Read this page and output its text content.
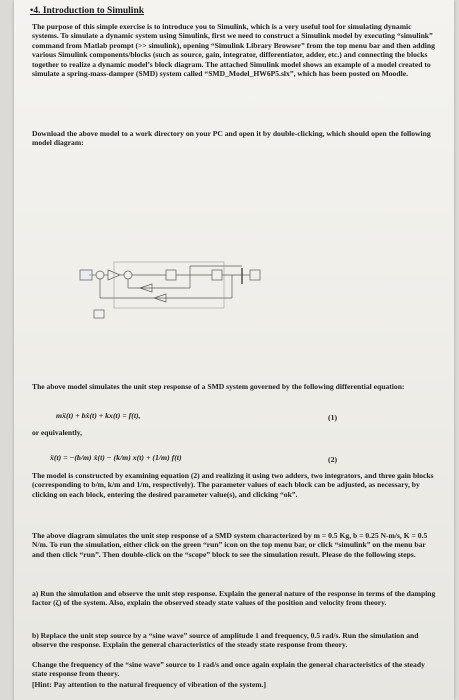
•4. Introduction to Simulink
The purpose of this simple exercise is to introduce you to Simulink, which is a very useful tool for simulating dynamic systems. To simulate a dynamic system using Simulink, first we need to construct a Simulink model by executing “simulink” command from Matlab prompt (>> simulink), opening “Simulink Library Browser” from the top menu bar and then adding various Simulink components/blocks (such as source, gain, integrator, differentiator, adder, etc.) and connecting the blocks together to realize a dynamic model’s block diagram. The attached Simulink model shows an example of a model created to simulate a spring-mass-damper (SMD) system called “SMD_Model_HW6P5.slx”, which has been posted on Moodle.
Download the above model to a work directory on your PC and open it by double-clicking, which should open the following model diagram:
The above model simulates the unit step response of a SMD system governed by the following differential equation:
mẍ(t) + bẋ(t) + kx(t) = f(t),	(1)
or equivalently,
ẍ(t) = −(b/m) ẋ(t) − (k/m) x(t) + (1/m) f(t)	(2)
The model is constructed by examining equation (2) and realizing it using two adders, two integrators, and three gain blocks (corresponding to b/m, k/m and 1/m, respectively). The parameter values of each block can be adjusted, as necessary, by clicking on each block, entering the desired parameter value(s), and clicking “ok”.
The above diagram simulates the unit step response of a SMD system characterized by m = 0.5 Kg, b = 0.25 N-m/s, K = 0.5 N/m. To run the simulation, either click on the green “run” icon on the top menu bar, or click “simulink” on the menu bar and then click “run”. Then double-click on the “scope” block to see the simulation result. Please do the following steps.
a) Run the simulation and observe the unit step response. Explain the general nature of the response in terms of the damping factor (ζ) of the system. Also, explain the observed steady state values of the position and velocity from theory.
b) Replace the unit step source by a “sine wave” source of amplitude 1 and frequency, 0.5 rad/s. Run the simulation and observe the response. Explain the general characteristics of the steady state response from theory.
Change the frequency of the “sine wave” source to 1 rad/s and once again explain the general characteristics of the steady state response from theory.
[Hint: Pay attention to the natural frequency of vibration of the system.]
